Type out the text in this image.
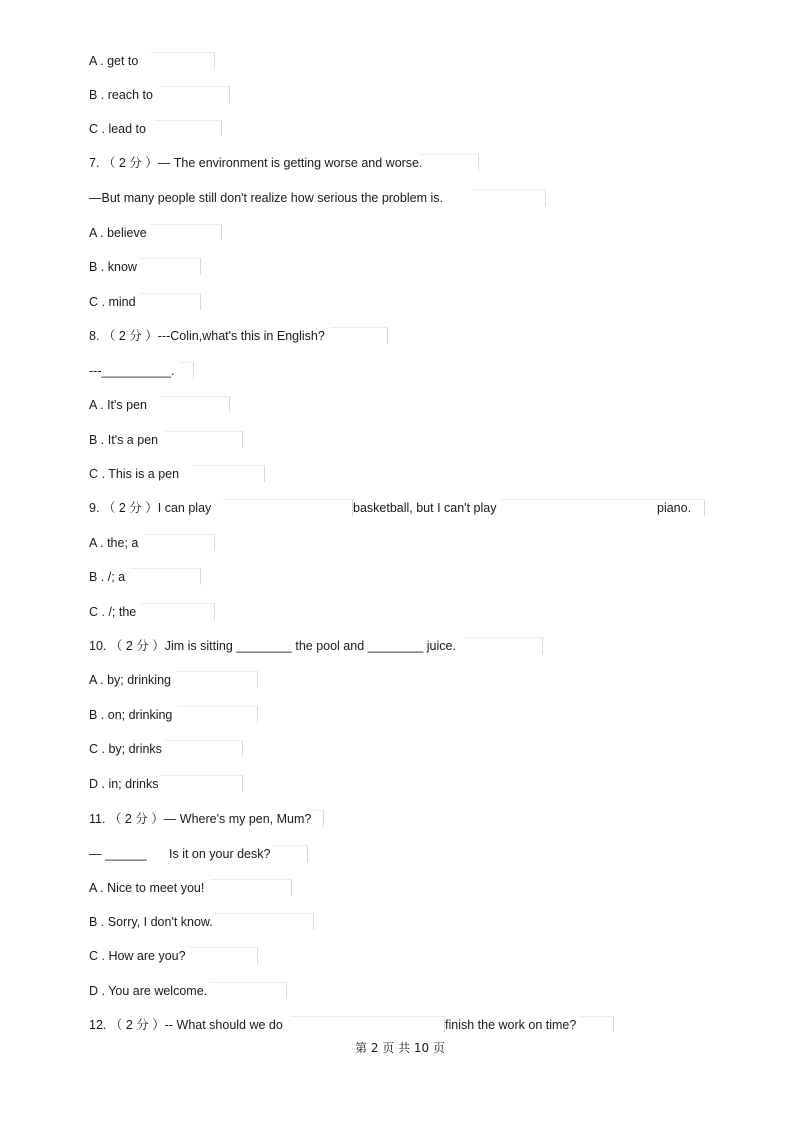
A . get to
B . reach to
C . lead to
7. （ 2 分 ）— The environment is getting worse and worse.
—But many people still don't realize how serious the problem is.
A . believe
B . know
C . mind
8. （ 2 分 ）---Colin,what's this in English?
---__________.
A . It's pen
B . It's a pen
C . This is a pen
9. （ 2 分 ）I can play	basketball, but I can't play	piano.
A . the; a
B . /; a
C . /; the
10. （ 2 分 ）Jim is sitting ________ the pool and ________ juice.
A . by; drinking
B . on; drinking
C . by; drinks
D . in; drinks
11. （ 2 分 ）— Where's my pen, Mum?
— ______ Is it on your desk?
A . Nice to meet you!
B . Sorry, I don't know.
C . How are you?
D . You are welcome.
12. （ 2 分 ）-- What should we do	finish the work on time?
第 2 页 共 10 页
